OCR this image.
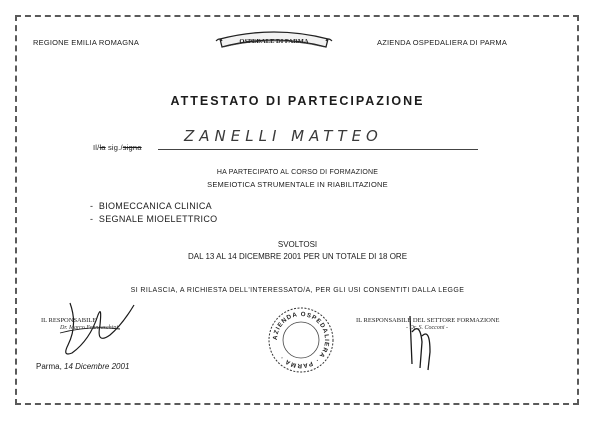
REGIONE EMILIA ROMAGNA	AZIENDA OSPEDALIERA DI PARMA
OSPEDALE DI PARMA
ATTESTATO DI PARTECIPAZIONE
Il/la sig./signa
ZANELLI MATTEO
HA PARTECIPATO AL CORSO DI FORMAZIONE
SEMEIOTICA STRUMENTALE IN RIABILITAZIONE
-  BIOMECCANICA CLINICA
-  SEGNALE MIOELETTRICO
SVOLTOSI
DAL 13 AL 14 DICEMBRE 2001 PER UN TOTALE DI 18 ORE
SI RILASCIA, A RICHIESTA DELL'INTERESSATO/A, PER GLI USI CONSENTITI DALLA LEGGE
IL RESPONSABILE
Dr. Marco Franceschini
AZIENDA OSPEDALIERA · PARMA ·
IL RESPONSABILE DEL SETTORE FORMAZIONE
- Dr. S. Cocconi -
Parma, 14 Dicembre 2001
